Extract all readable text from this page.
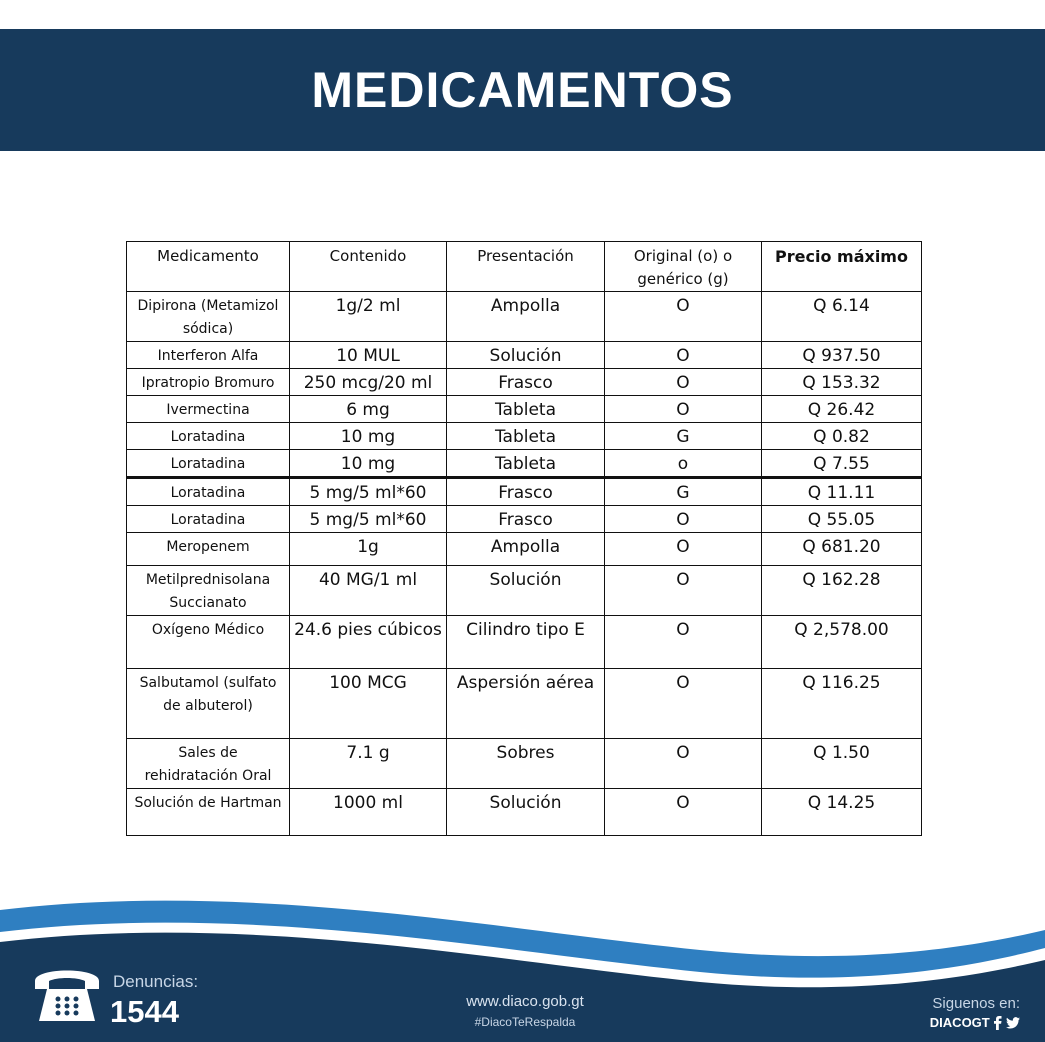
MEDICAMENTOS
Medicamento	Contenido	Presentación	Original (o) o genérico (g)	Precio máximo
Dipirona (Metamizol sódica)	1g/2 ml	Ampolla	O	Q 6.14
Interferon Alfa	10 MUL	Solución	O	Q 937.50
Ipratropio Bromuro	250 mcg/20 ml	Frasco	O	Q 153.32
Ivermectina	6 mg	Tableta	O	Q 26.42
Loratadina	10 mg	Tableta	G	Q 0.82
Loratadina	10 mg	Tableta	o	Q 7.55
Loratadina	5 mg/5 ml*60	Frasco	G	Q 11.11
Loratadina	5 mg/5 ml*60	Frasco	O	Q 55.05
Meropenem	1g	Ampolla	O	Q 681.20
Metilprednisolana Succianato	40 MG/1 ml	Solución	O	Q 162.28
Oxígeno Médico	24.6 pies cúbicos	Cilindro tipo E	O	Q 2,578.00
Salbutamol (sulfato de albuterol)	100 MCG	Aspersión aérea	O	Q 116.25
Sales de rehidratación Oral	7.1 g	Sobres	O	Q 1.50
Solución de Hartman	1000 ml	Solución	O	Q 14.25
Denuncias:
1544	www.diaco.gob.gt
#DiacoTeRespalda
Siguenos en:
DIACOGT
